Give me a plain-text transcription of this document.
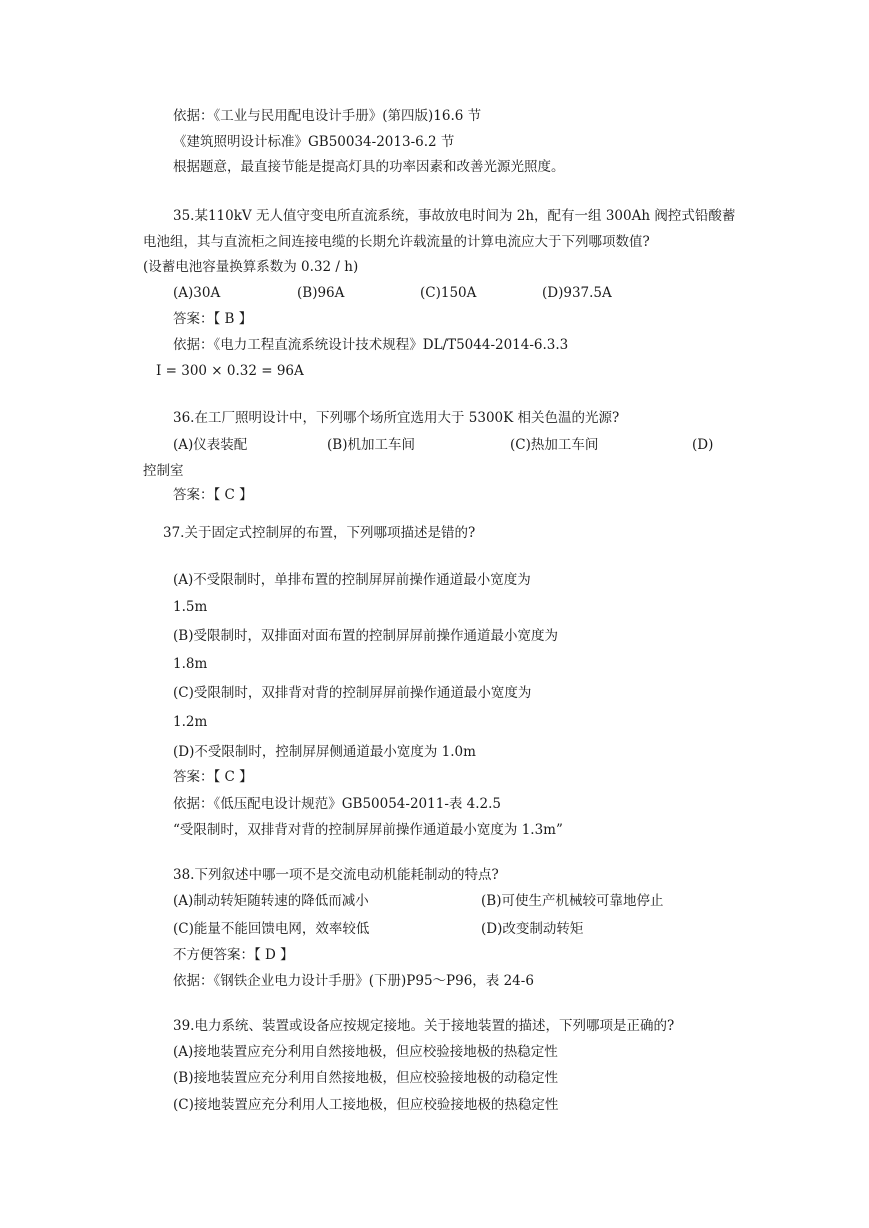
依据：《工业与民用配电设计手册》(第四版)16.6 节
《建筑照明设计标准》GB50034-2013-6.2 节
根据题意，最直接节能是提高灯具的功率因素和改善光源光照度。
35.某110kV 无人值守变电所直流系统，事故放电时间为 2h，配有一组 300Ah 阀控式铅酸蓄
电池组，其与直流柜之间连接电缆的长期允许载流量的计算电流应大于下列哪项数值?
(设蓄电池容量换算系数为 0.32 / h)
(A)30A	(B)96A	(C)150A	(D)937.5A
答案：【 B 】
依据：《电力工程直流系统设计技术规程》DL/T5044-2014-6.3.3
I = 300 × 0.32 = 96A
36.在工厂照明设计中，下列哪个场所宜选用大于 5300K 相关色温的光源?
(A)仪表装配	(B)机加工车间	(C)热加工车间	(D)
控制室
答案：【 C 】
37.关于固定式控制屏的布置，下列哪项描述是错的?
(A)不受限制时，单排布置的控制屏屏前操作通道最小宽度为
1.5m
(B)受限制时，双排面对面布置的控制屏屏前操作通道最小宽度为
1.8m
(C)受限制时，双排背对背的控制屏屏前操作通道最小宽度为
1.2m
(D)不受限制时，控制屏屏侧通道最小宽度为 1.0m
答案：【 C 】
依据：《低压配电设计规范》GB50054-2011-表 4.2.5
“受限制时，双排背对背的控制屏屏前操作通道最小宽度为 1.3m”
38.下列叙述中哪一项不是交流电动机能耗制动的特点?
(A)制动转矩随转速的降低而减小	(B)可使生产机械较可靠地停止
(C)能量不能回馈电网，效率较低	(D)改变制动转矩
不方便答案：【 D 】
依据：《钢铁企业电力设计手册》(下册)P95～P96，表 24-6
39.电力系统、装置或设备应按规定接地。关于接地装置的描述，下列哪项是正确的?
(A)接地装置应充分利用自然接地极，但应校验接地极的热稳定性
(B)接地装置应充分利用自然接地极，但应校验接地极的动稳定性
(C)接地装置应充分利用人工接地极，但应校验接地极的热稳定性
